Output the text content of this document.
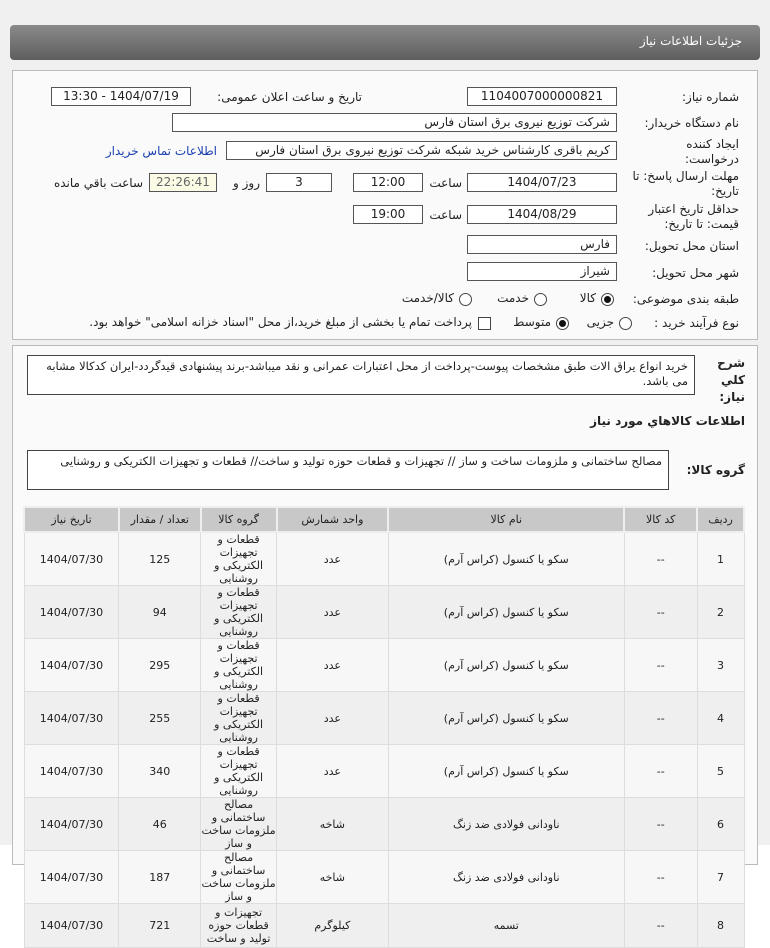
جزئیات اطلاعات نیاز
شماره نیاز:
1104007000000821
تاریخ و ساعت اعلان عمومی:
1404/07/19 - 13:30
نام دستگاه خریدار:
شرکت توزیع نیروی برق استان فارس
ایجاد کننده درخواست:
کریم باقری کارشناس خرید شبکه شرکت توزیع نیروی برق استان فارس
اطلاعات تماس خریدار
مهلت ارسال پاسخ: تا تاریخ:
1404/07/23
ساعت
12:00
3
روز و
22:26:41
ساعت باقي مانده
حداقل تاریخ اعتبار قیمت: تا تاریخ:
1404/08/29
ساعت
19:00
استان محل تحویل:
فارس
شهر محل تحویل:
شیراز
طبقه بندی موضوعی:
کالا
خدمت
کالا/خدمت
نوع فرآیند خرید :
جزیی
متوسط
پرداخت تمام یا بخشی از مبلغ خرید،از محل "اسناد خزانه اسلامی" خواهد بود.
شرح کلي نياز:
خرید انواع یراق الات طبق مشخصات پیوست-پرداخت از محل اعتبارات عمرانی و نقد میباشد-برند پیشنهادی قیدگردد-ایران کدکالا مشابه می باشد.
اطلاعات کالاهاي مورد نياز
گروه کالا:
مصالح ساختمانی و ملزومات ساخت و ساز // تجهیزات و قطعات حوزه تولید و ساخت// قطعات و تجهیزات الکتریکی و روشنایی
ردیف	کد کالا	نام کالا	واحد شمارش	گروه کالا	تعداد / مقدار	تاریخ نیاز
1	--	سکو یا کنسول (کراس آرم)	عدد	قطعات و تجهیزات الکتریکی و روشنایی	125	1404/07/30
2	--	سکو یا کنسول (کراس آرم)	عدد	قطعات و تجهیزات الکتریکی و روشنایی	94	1404/07/30
3	--	سکو یا کنسول (کراس آرم)	عدد	قطعات و تجهیزات الکتریکی و روشنایی	295	1404/07/30
4	--	سکو یا کنسول (کراس آرم)	عدد	قطعات و تجهیزات الکتریکی و روشنایی	255	1404/07/30
5	--	سکو یا کنسول (کراس آرم)	عدد	قطعات و تجهیزات الکتریکی و روشنایی	340	1404/07/30
6	--	ناودانی فولادی ضد زنگ	شاخه	مصالح ساختمانی و ملزومات ساخت و ساز	46	1404/07/30
7	--	ناودانی فولادی ضد زنگ	شاخه	مصالح ساختمانی و ملزومات ساخت و ساز	187	1404/07/30
8	--	تسمه	کیلوگرم	تجهیزات و قطعات حوزه تولید و ساخت	721	1404/07/30
